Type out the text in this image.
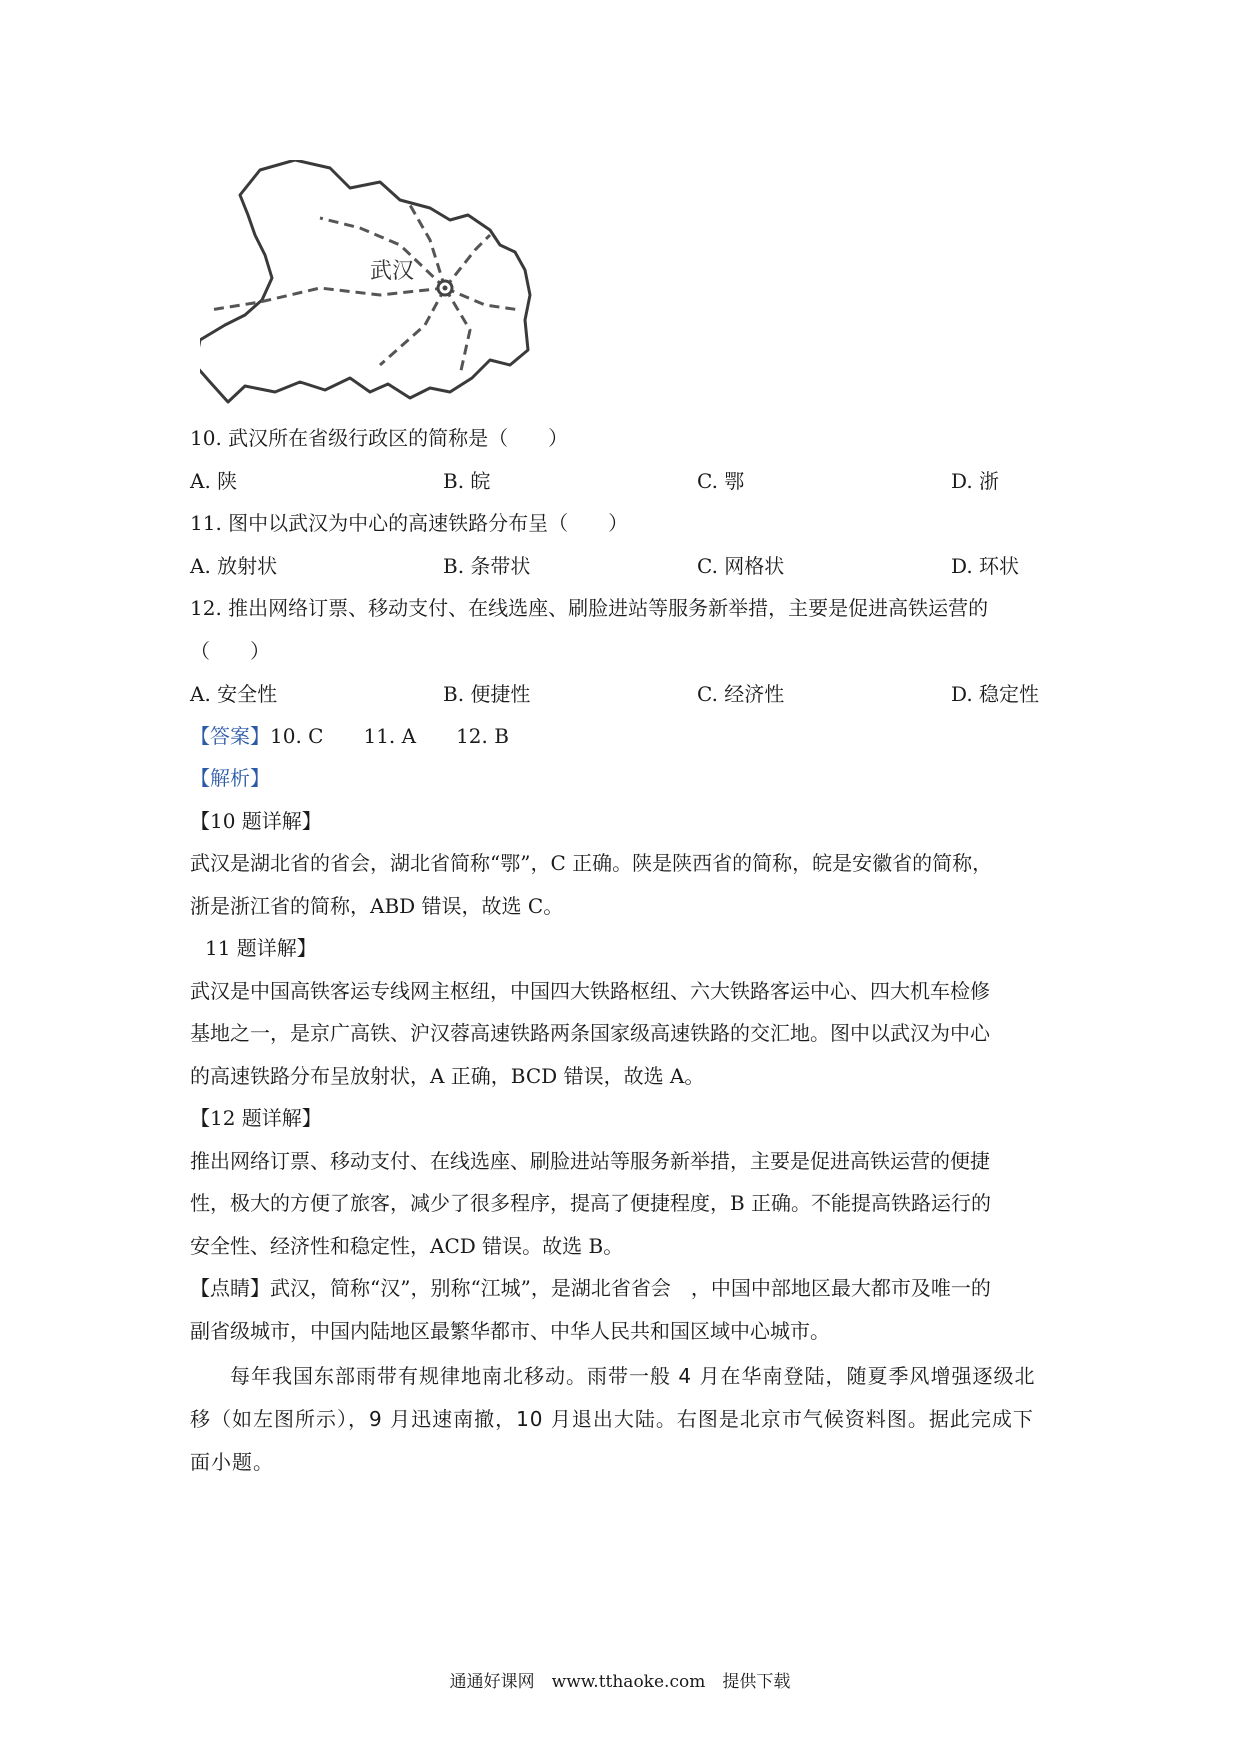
武汉
10. 武汉所在省级行政区的简称是（　　）
A. 陕	B. 皖	C. 鄂	D. 浙
11. 图中以武汉为中心的高速铁路分布呈（　　）
A. 放射状	B. 条带状	C. 网格状	D. 环状
12. 推出网络订票、移动支付、在线选座、刷脸进站等服务新举措，主要是促进高铁运营的
（　　）
A. 安全性	B. 便捷性	C. 经济性	D. 稳定性
【答案】10. C　　11. A　　12. B
【解析】
【10 题详解】
武汉是湖北省的省会，湖北省简称“鄂”，C 正确。陕是陕西省的简称，皖是安徽省的简称，
浙是浙江省的简称，ABD 错误，故选 C。
11 题详解】
武汉是中国高铁客运专线网主枢纽，中国四大铁路枢纽、六大铁路客运中心、四大机车检修
基地之一，是京广高铁、沪汉蓉高速铁路两条国家级高速铁路的交汇地。图中以武汉为中心
的高速铁路分布呈放射状，A 正确，BCD 错误，故选 A。
【12 题详解】
推出网络订票、移动支付、在线选座、刷脸进站等服务新举措，主要是促进高铁运营的便捷
性，极大的方便了旅客，减少了很多程序，提高了便捷程度，B 正确。不能提高铁路运行的
安全性、经济性和稳定性，ACD 错误。故选 B。
【点睛】武汉，简称“汉”，别称“江城”，是湖北省省会　，中国中部地区最大都市及唯一的
副省级城市，中国内陆地区最繁华都市、中华人民共和国区域中心城市。
每年我国东部雨带有规律地南北移动。雨带一般 4 月在华南登陆，随夏季风增强逐级北
移（如左图所示），9 月迅速南撤，10 月退出大陆。右图是北京市气候资料图。据此完成下
面小题。
通通好课网　www.tthaoke.com　提供下载
